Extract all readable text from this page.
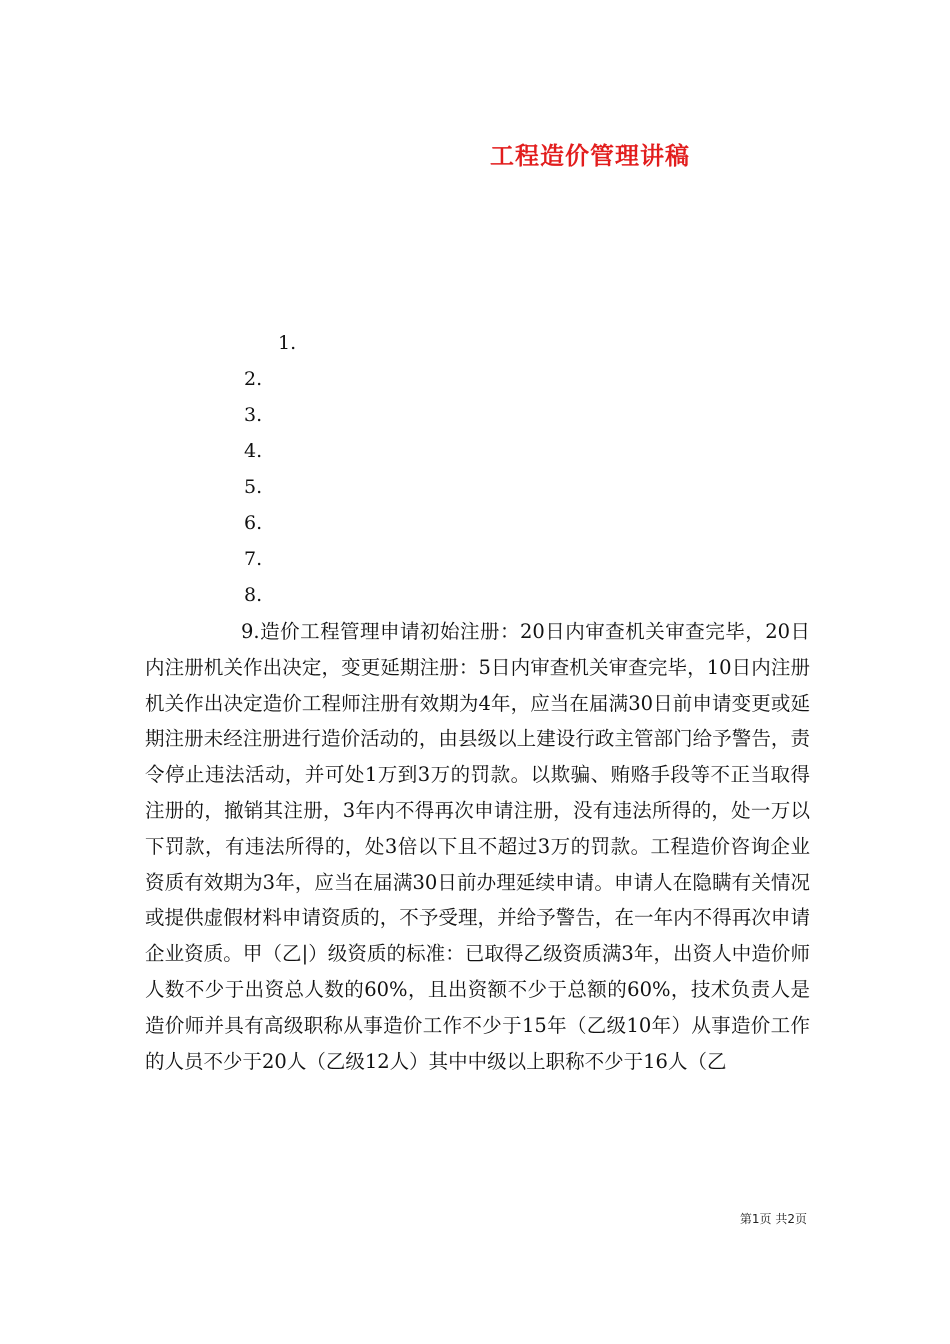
工程造价管理讲稿
1.
2.
3.
4.
5.
6.
7.
8.
9.造价工程管理申请初始注册：20日内审查机关审查完毕，20日内注册机关作出决定，变更延期注册：5日内审查机关审查完毕，10日内注册机关作出决定造价工程师注册有效期为4年，应当在届满30日前申请变更或延期注册未经注册进行造价活动的，由县级以上建设行政主管部门给予警告，责令停止违法活动，并可处1万到3万的罚款。以欺骗、贿赂手段等不正当取得注册的，撤销其注册，3年内不得再次申请注册，没有违法所得的，处一万以下罚款，有违法所得的，处3倍以下且不超过3万的罚款。工程造价咨询企业资质有效期为3年，应当在届满30日前办理延续申请。申请人在隐瞒有关情况或提供虚假材料申请资质的，不予受理，并给予警告，在一年内不得再次申请企业资质。甲（乙|）级资质的标准：已取得乙级资质满3年，出资人中造价师人数不少于出资总人数的60%，且出资额不少于总额的60%，技术负责人是造价师并具有高级职称从事造价工作不少于15年（乙级10年）从事造价工作的人员不少于20人（乙级12人）其中中级以上职称不少于16人（乙
第1页 共2页
